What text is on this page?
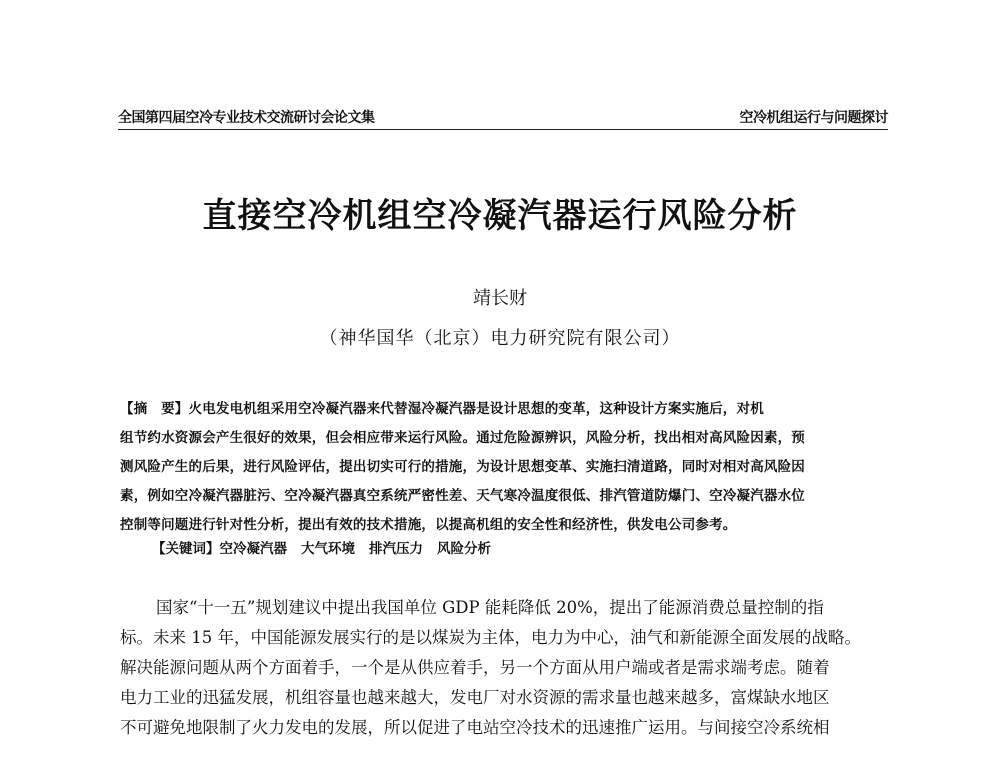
全国第四届空冷专业技术交流研讨会论文集	空冷机组运行与问题探讨
直接空冷机组空冷凝汽器运行风险分析
靖长财
（神华国华（北京）电力研究院有限公司）
【摘　要】火电发电机组采用空冷凝汽器来代替湿冷凝汽器是设计思想的变革，这种设计方案实施后，对机
组节约水资源会产生很好的效果，但会相应带来运行风险。通过危险源辨识，风险分析，找出相对高风险因素，预
测风险产生的后果，进行风险评估，提出切实可行的措施，为设计思想变革、实施扫清道路，同时对相对高风险因
素，例如空冷凝汽器脏污、空冷凝汽器真空系统严密性差、天气寒冷温度很低、排汽管道防爆门、空冷凝汽器水位
控制等问题进行针对性分析，提出有效的技术措施，以提高机组的安全性和经济性，供发电公司参考。
【关键词】空冷凝汽器 大气环境 排汽压力 风险分析
国家“十一五”规划建议中提出我国单位 GDP 能耗降低 20%，提出了能源消费总量控制的指
标。未来 15 年，中国能源发展实行的是以煤炭为主体，电力为中心，油气和新能源全面发展的战略。
解决能源问题从两个方面着手，一个是从供应着手，另一个方面从用户端或者是需求端考虑。随着
电力工业的迅猛发展，机组容量也越来越大，发电厂对水资源的需求量也越来越多，富煤缺水地区
不可避免地限制了火力发电的发展，所以促进了电站空冷技术的迅速推广运用。与间接空冷系统相
